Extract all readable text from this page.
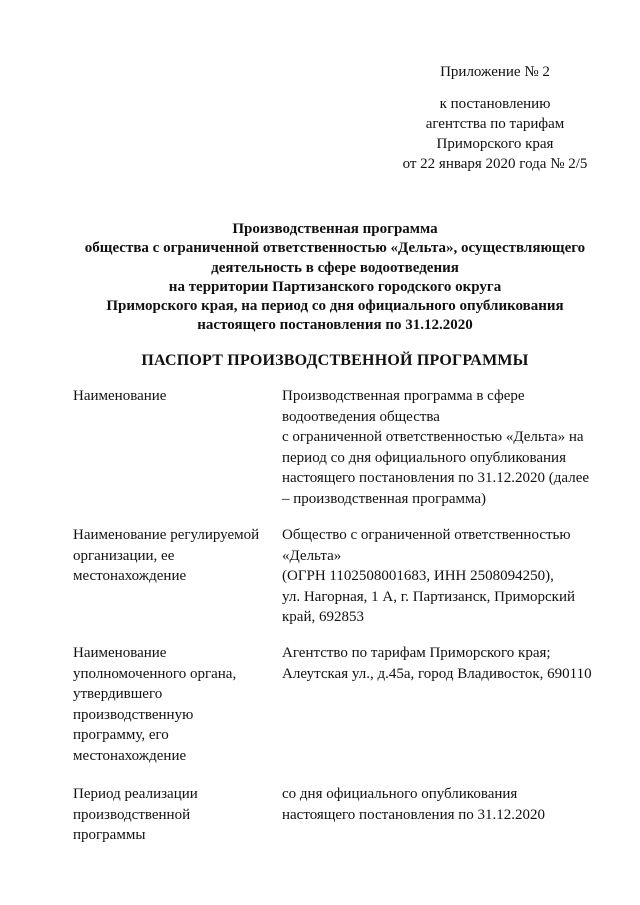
Приложение № 2
к постановлению
агентства по тарифам
Приморского края
от 22 января 2020 года № 2/5
Производственная программа
общества с ограниченной ответственностью «Дельта», осуществляющего
деятельность в сфере водоотведения
на территории Партизанского городского округа
Приморского края, на период со дня официального опубликования
настоящего постановления по 31.12.2020
ПАСПОРТ ПРОИЗВОДСТВЕННОЙ ПРОГРАММЫ
Наименование	Производственная программа в сфере
водоотведения общества
с ограниченной ответственностью «Дельта» на
период со дня официального опубликования
настоящего постановления по 31.12.2020 (далее
– производственная программа)
Наименование регулируемой
организации, ее
местонахождение
Общество с ограниченной ответственностью
«Дельта»
(ОГРН 1102508001683, ИНН 2508094250),
ул. Нагорная, 1 А, г. Партизанск, Приморский
край, 692853
Наименование
уполномоченного органа,
утвердившего
производственную
программу, его
местонахождение
Агентство по тарифам Приморского края;
Алеутская ул., д.45а, город Владивосток, 690110
Период реализации
производственной
программы
со дня официального опубликования
настоящего постановления по 31.12.2020
